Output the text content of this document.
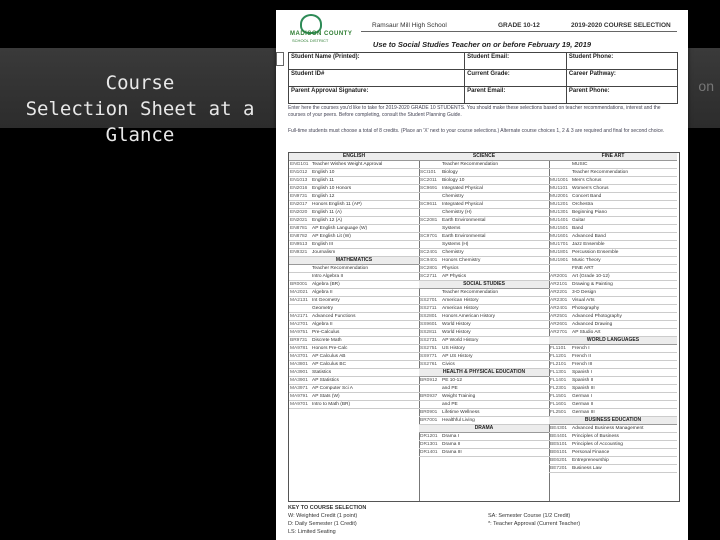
on
Course
Selection Sheet at a Glance
MADISON COUNTY
SCHOOL DISTRICT
Ramsaur Mill High School	GRADE 10-12	2019-2020 COURSE SELECTION
Use to Social Studies Teacher on or before February 19, 2019
Student Name (Printed):	Student Email:	Student Phone:
Student ID#	Current Grade:	Career Pathway:
Parent Approval Signature:	Parent Email:	Parent Phone:
Enter here the courses you'd like to take for 2019-2020 GRADE 10 STUDENTS. You should make these selections based on teacher recommendations, interest and the courses of your peers. Before completing, consult the Student Planning Guide.
Full-time students must choose a total of 8 credits. (Place an 'X' next to your course selections.) Alternate course choices 1, 2 & 3 are required and final for second choice.
ENGLISH
ENG101 Teacher Wishes Weight Approval
EN1012 English 10
EN1013 English 11
EN2016 English 10 Honors
EN9731 English 12
EN2017 Honors English 11 (AP)
EN2020 English 11 (A)
EN2021 English 12 (A)
EN8781 AP English Language (W)
EN8782 AP English Lit (W)
EN9513 English III
EN9321 Journalism
MATHEMATICS
Teacher Recommendation
Intro Algebra II
BR0001 Algebra (BR)
MA2021 Algebra II
MA2131 Int Geometry
Geometry
MA2171 Advanced Functions
MA2701 Algebra II
MA9751 Pre-Calculus
BR9731 Discrete Math
MA9781 Honors Pre-Calc
MA3701 AP Calculus AB
MA3801 AP Calculus BC
MA3901 Statistics
MA3901 AP Statistics
MA3971 AP Computer Sci A
MA9791 AP Stats (W)
MA9701 Intro to Math (BR)
SCIENCE
Teacher Recommendation
SCI101 Biology
SC2011 Biology 10
SC9691 Integrated Physical
Chemistry
SC9611 Integrated Physical
Chemistry (H)
SC2081 Earth Environmental
Systems
SC9701 Earth Environmental
Systems (H)
SC2401 Chemistry
SC9401 Honors Chemistry
SC2801 Physics
SC2711 AP Physics
SOCIAL STUDIES
Teacher Recommendation
SS2701 American History
SS2711 American History
SS2801 Honors American History
SS9601 World History
SS2811 World History
SS2731 AP World History
SS2751 US History
SS9771 AP US History
SS2761 Civics
HEALTH & PHYSICAL EDUCATION
BR0912 PE 10-12
and PE
BR0937 Weight Training
and PE
BR0901 Lifetime Wellness
BR7001 Healthful Living
DRAMA
DR1201 Drama I
DR1301 Drama II
DR1401 Drama III
FINE ART
MUSIC
Teacher Recommendation
MU1001 Men's Chorus
MU1101 Women's Chorus
MU2001 Concert Band
MU1201 Orchestra
MU1301 Beginning Piano
MU1401 Guitar
MU1501 Band
MU1601 Advanced Band
MU1701 Jazz Ensemble
MU1801 Percussion Ensemble
MU1901 Music Theory
FINE ART
AR2001 Art (Grade 10-12)
AR2101 Drawing & Painting
AR2201 3-D Design
AR2301 Visual Arts
AR2401 Photography
AR2501 Advanced Photography
AR2601 Advanced Drawing
AR2701 AP Studio Art
WORLD LANGUAGES
FL1101 French I
FL1201 French II
FL2101 French III
FL1301 Spanish I
FL1401 Spanish II
FL2301 Spanish III
FL1501 German I
FL1601 German II
FL2501 German III
BUSINESS EDUCATION
BE4301 Advanced Business Management
BE4401 Principles of Business
BE5101 Principles of Accounting
BE6101 Personal Finance
BE6201 Entrepreneurship
BE7201 Business Law
KEY TO COURSE SELECTION
W: Weighted Credit (1 point)
D: Daily Semester (1 Credit)
LS: Limited Seating
SA: Semester Course (1/2 Credit)
*: Teacher Approval (Current Teacher)
